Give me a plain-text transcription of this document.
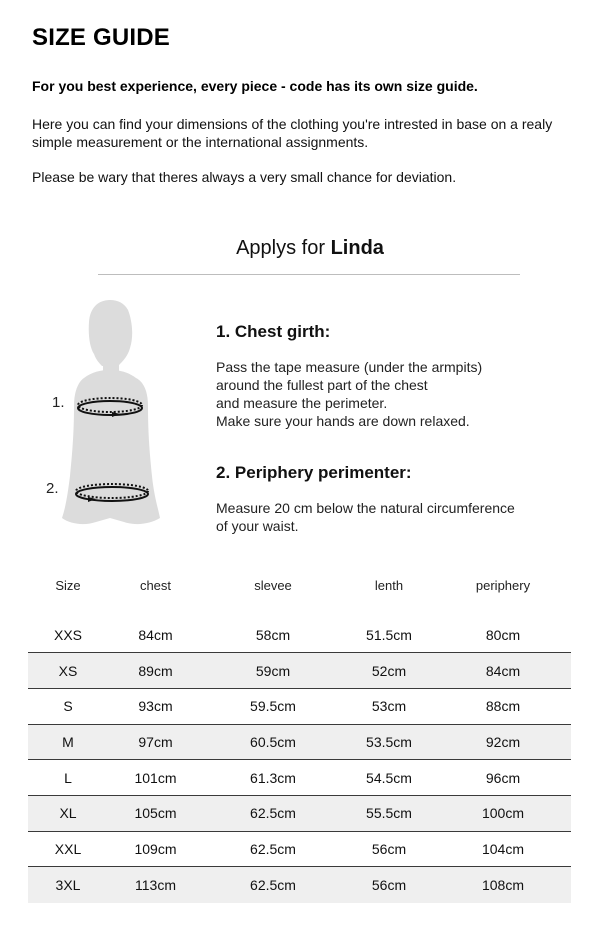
SIZE GUIDE
For you best experience, every piece - code has its own size guide.
Here you can find your dimensions of the clothing you're intrested in base on a realy simple measurement or the international assignments.
Please be wary that theres always a very small chance for deviation.
Applys for Linda
1.
2.
1. Chest girth:
Pass the tape measure (under the armpits)
around the fullest part of the chest
and measure the perimeter.
Make sure your hands are down relaxed.
2. Periphery perimenter:
Measure 20 cm below the natural circumference
of your waist.
Size	chest	slevee	lenth	periphery

XXS	84cm	58cm	51.5cm	80cm
XS	89cm	59cm	52cm	84cm
S	93cm	59.5cm	53cm	88cm
M	97cm	60.5cm	53.5cm	92cm
L	101cm	61.3cm	54.5cm	96cm
XL	105cm	62.5cm	55.5cm	100cm
XXL	109cm	62.5cm	56cm	104cm
3XL	113cm	62.5cm	56cm	108cm
